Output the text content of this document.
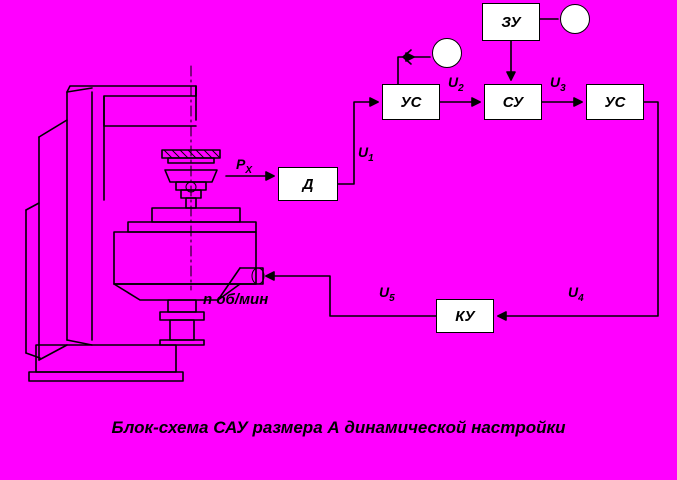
ЗУ
УС	СУ	УС
Д
КУ
$P_X$
$U_1$
$U_2$	$U_3$
$U_4$
$U_5$
n об/мин
Блок-схема САУ размера А динамической настройки
